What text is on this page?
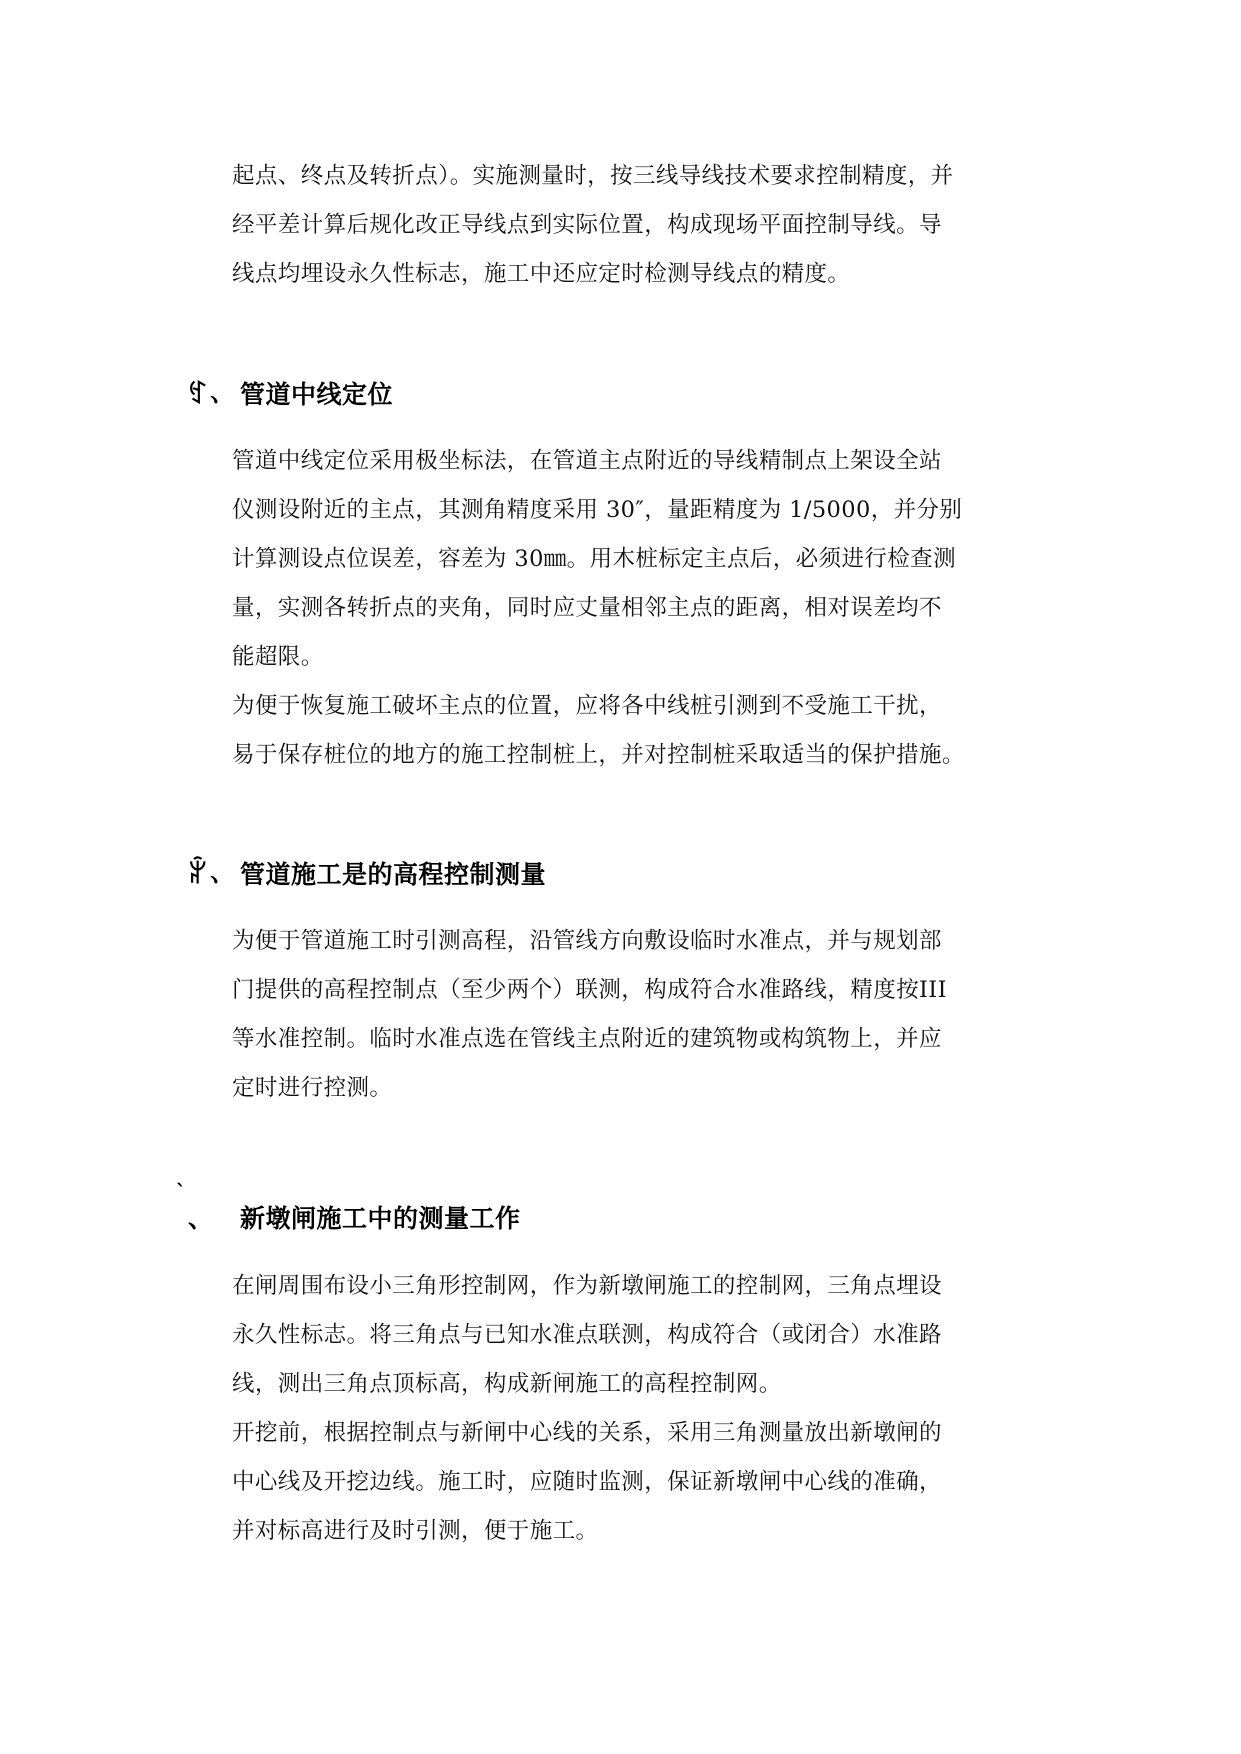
起点、终点及转折点）。实施测量时，按三线导线技术要求控制精度，并

经平差计算后规化改正导线点到实际位置，构成现场平面控制导线。导

线点均埋设永久性标志，施工中还应定时检测导线点的精度。

ꉐ、 管道中线定位

管道中线定位采用极坐标法，在管道主点附近的导线精制点上架设全站

仪测设附近的主点，其测角精度采用 30″，量距精度为 1/5000，并分别

计算测设点位误差，容差为 30㎜。用木桩标定主点后，必须进行检查测

量，实测各转折点的夹角，同时应丈量相邻主点的距离，相对误差均不

能超限。

为便于恢复施工破坏主点的位置，应将各中线桩引测到不受施工干扰，

易于保存桩位的地方的施工控制桩上，并对控制桩采取适当的保护措施。

ꆲ、 管道施工是的高程控制测量

为便于管道施工时引测高程，沿管线方向敷设临时水准点，并与规划部

门提供的高程控制点（至少两个）联测，构成符合水准路线，精度按III

等水准控制。临时水准点选在管线主点附近的建筑物或构筑物上，并应

定时进行控测。

ˋ
、	新墩闸施工中的测量工作

在闸周围布设小三角形控制网，作为新墩闸施工的控制网，三角点埋设

永久性标志。将三角点与已知水准点联测，构成符合（或闭合）水准路

线，测出三角点顶标高，构成新闸施工的高程控制网。

开挖前，根据控制点与新闸中心线的关系，采用三角测量放出新墩闸的

中心线及开挖边线。施工时，应随时监测，保证新墩闸中心线的准确，

并对标高进行及时引测，便于施工。
